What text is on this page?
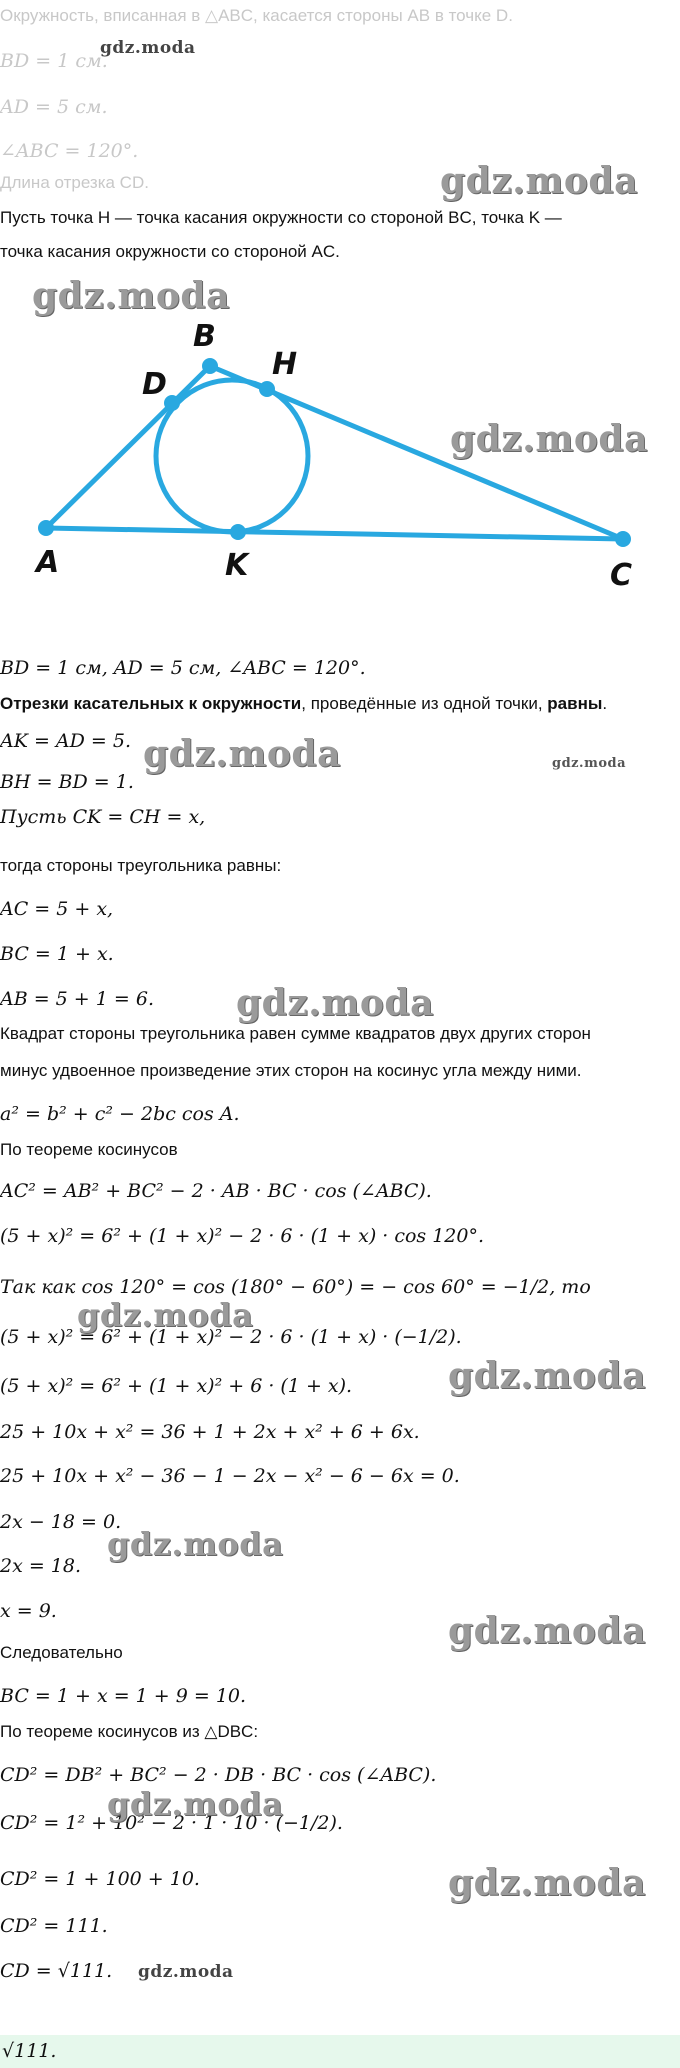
Окружность, вписанная в △ABC, касается стороны AB в точке D.
BD = 1 см.
AD = 5 см.
∠ABC = 120°.
Длина отрезка CD.
Пусть точка H — точка касания окружности со стороной BC, точка K —
точка касания окружности со стороной AC.
B
H
D
A	K	C
BD = 1 см, AD = 5 см, ∠ABC = 120°.
Отрезки касательных к окружности, проведённые из одной точки, равны.
AK = AD = 5.
BH = BD = 1.
Пусть CK = CH = x,
тогда стороны треугольника равны:
AC = 5 + x,
BC = 1 + x.
AB = 5 + 1 = 6.
Квадрат стороны треугольника равен сумме квадратов двух других сторон
минус удвоенное произведение этих сторон на косинус угла между ними.
a² = b² + c² − 2bc cos A.
По теореме косинусов
AC² = AB² + BC² − 2 · AB · BC · cos (∠ABC).
(5 + x)² = 6² + (1 + x)² − 2 · 6 · (1 + x) · cos 120°.
Так как cos 120° = cos (180° − 60°) = − cos 60° = −1/2, то
(5 + x)² = 6² + (1 + x)² − 2 · 6 · (1 + x) · (−1/2).
(5 + x)² = 6² + (1 + x)² + 6 · (1 + x).
25 + 10x + x² = 36 + 1 + 2x + x² + 6 + 6x.
25 + 10x + x² − 36 − 1 − 2x − x² − 6 − 6x = 0.
2x − 18 = 0.
2x = 18.
x = 9.
Следовательно
BC = 1 + x = 1 + 9 = 10.
По теореме косинусов из △DBC:
CD² = DB² + BC² − 2 · DB · BC · cos (∠ABC).
CD² = 1² + 10² − 2 · 1 · 10 · (−1/2).
CD² = 1 + 100 + 10.
CD² = 111.
CD = √111.
√111.
gdz.moda
gdz.moda
gdz.moda
gdz.moda
gdz.moda	gdz.moda
gdz.moda
gdz.moda
gdz.moda
gdz.moda
gdz.moda
gdz.moda
gdz.moda
gdz.moda
